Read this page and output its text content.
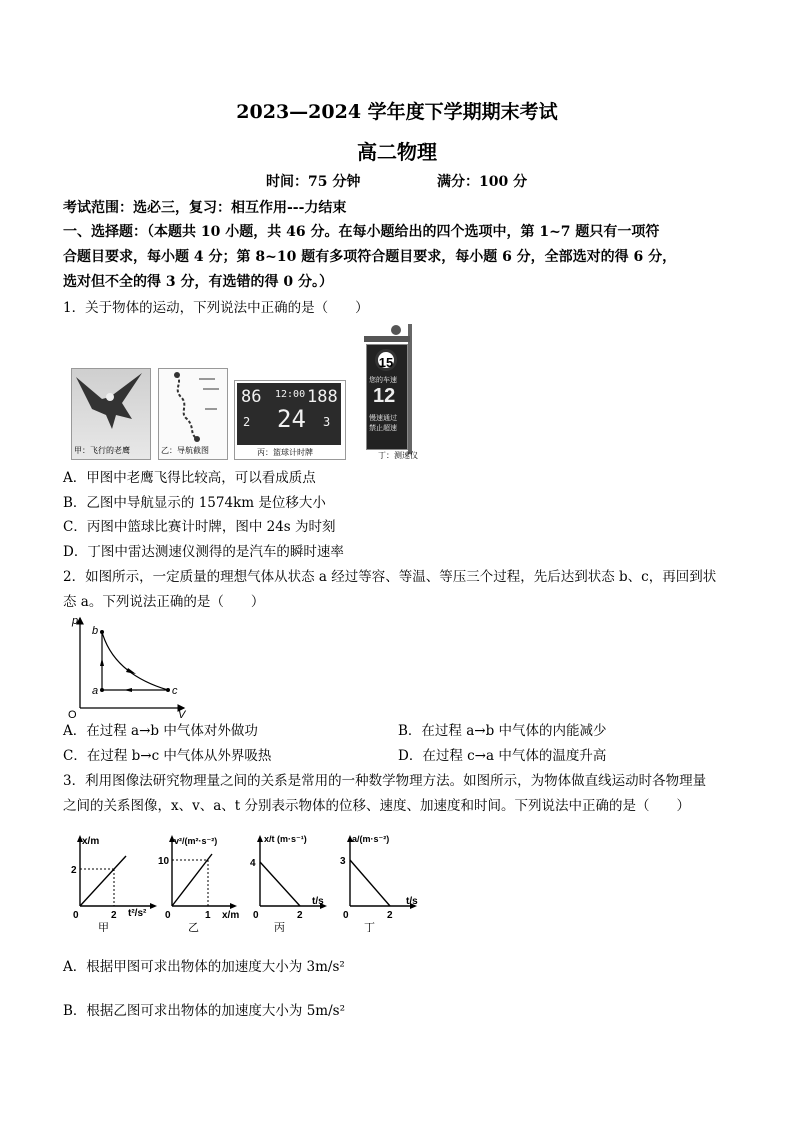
2023—2024 学年度下学期期末考试
高二物理
时间：75 分钟	满分：100 分
考试范围：选必三，复习：相互作用---力结束
一、选择题：（本题共 10 小题，共 46 分。在每小题给出的四个选项中，第 1~7 题只有一项符
合题目要求，每小题 4 分；第 8~10 题有多项符合题目要求，每小题 6 分，全部选对的得 6 分，
选对但不全的得 3 分，有选错的得 0 分。）
1．关于物体的运动，下列说法中正确的是（　　）
甲：飞行的老鹰	乙：导航截图
86 12:00 188
24
2	3
丙：篮球计时牌
15
您的车速
12
慢速通过
禁止超速
丁：测速仪
A．甲图中老鹰飞得比较高，可以看成质点
B．乙图中导航显示的 1574km 是位移大小
C．丙图中篮球比赛计时牌，图中 24s 为时刻
D．丁图中雷达测速仪测得的是汽车的瞬时速率
2．如图所示，一定质量的理想气体从状态 a 经过等容、等温、等压三个过程，先后达到状态 b、c，再回到状
态 a。下列说法正确的是（　　）
p
V
O
a
b
c
A．在过程 a→b 中气体对外做功	B．在过程 a→b 中气体的内能减少
C．在过程 b→c 中气体从外界吸热	D．在过程 c→a 中气体的温度升高
3．利用图像法研究物理量之间的关系是常用的一种数学物理方法。如图所示，为物体做直线运动时各物理量
之间的关系图像，x、v、a、t 分别表示物体的位移、速度、加速度和时间。下列说法中正确的是（　　）
x/m
t²/s²
2
2
0
甲
v²/(m²·s⁻²)
x/m
10
1
0
乙
x/t (m·s⁻¹)
t/s
4
2
0
丙
a/(m·s⁻²)
t/s
3
2
0
丁
A．根据甲图可求出物体的加速度大小为 3m/s²
B．根据乙图可求出物体的加速度大小为 5m/s²
